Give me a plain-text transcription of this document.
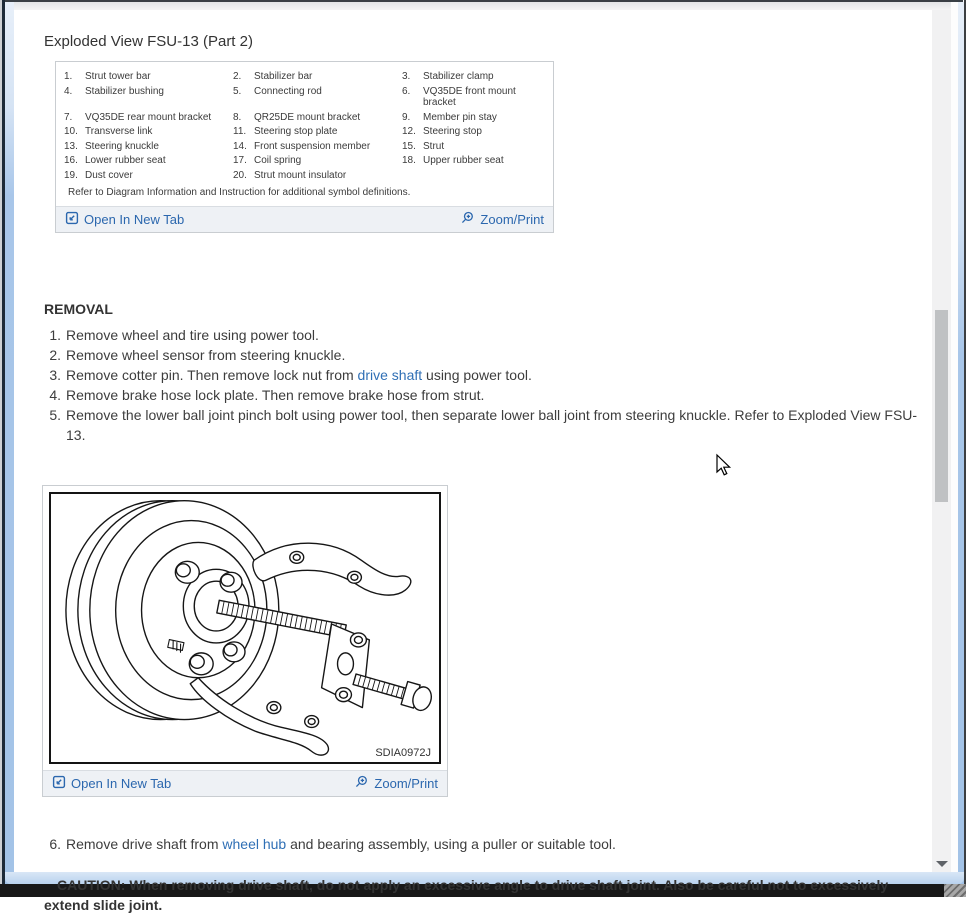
Exploded View FSU-13 (Part 2)
1.	Strut tower bar	2.	Stabilizer bar	3.	Stabilizer clamp
4.	Stabilizer bushing	5.	Connecting rod	6.	VQ35DE front mount bracket
7.	VQ35DE rear mount bracket 8.	QR25DE mount bracket	9.	Member pin stay
10. Transverse link	11. Steering stop plate	12. Steering stop
13. Steering knuckle	14. Front suspension member	15. Strut
16. Lower rubber seat	17. Coil spring	18. Upper rubber seat
19. Dust cover	20. Strut mount insulator
Refer to Diagram Information and Instruction for additional symbol definitions.
Open In New Tab	Zoom/Print
REMOVAL
1. Remove wheel and tire using power tool.
2. Remove wheel sensor from steering knuckle.
3. Remove cotter pin. Then remove lock nut from drive shaft using power tool.
4. Remove brake hose lock plate. Then remove brake hose from strut.
5. Remove the lower ball joint pinch bolt using power tool, then separate lower ball joint from steering knuckle. Refer to Exploded View FSU-13.
SDIA0972J
Open In New Tab	Zoom/Print
6. Remove drive shaft from wheel hub and bearing assembly, using a puller or suitable tool.

CAUTION: When removing drive shaft, do not apply an excessive angle to drive shaft joint. Also be careful not to excessively extend slide joint.
